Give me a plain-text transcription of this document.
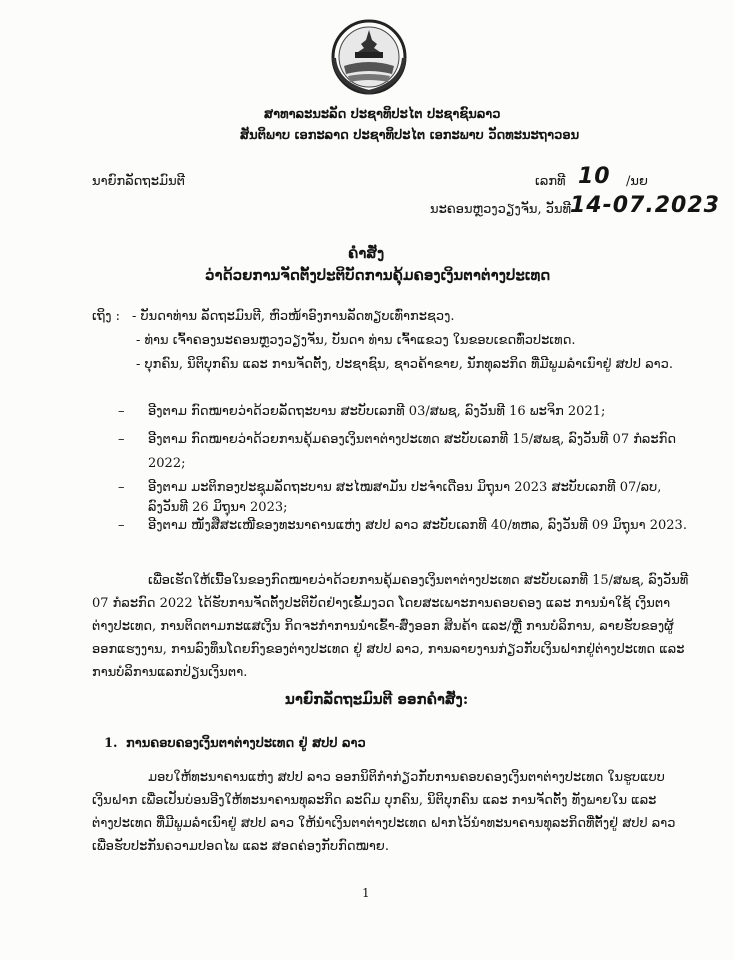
ສາທາລະນະລັດ ປະຊາທິປະໄຕ ປະຊາຊົນລາວ
ສັນຕິພາບ ເອກະລາດ ປະຊາທິປະໄຕ ເອກະພາບ ວັດທະນະຖາວອນ
ນາຍົກລັດຖະມົນຕີ	ເລກທີ 10 /ນຍ
ນະຄອນຫຼວງວຽງຈັນ, ວັນທີ
14-07.2023
ຄຳສັ່ງ
ວ່າດ້ວຍການຈັດຕັ້ງປະຕິບັດການຄຸ້ມຄອງເງິນຕາຕ່າງປະເທດ
ເຖິງ : - ບັນດາທ່ານ ລັດຖະມົນຕີ, ຫົວໜ້າອົງການລັດທຽບເທົ່າກະຊວງ.
- ທ່ານ ເຈົ້າຄອງນະຄອນຫຼວງວຽງຈັນ, ບັນດາ ທ່ານ ເຈົ້າແຂວງ ໃນຂອບເຂດທົ່ວປະເທດ.
- ບຸກຄົນ, ນິຕິບຸກຄົນ ແລະ ການຈັດຕັ້ງ, ປະຊາຊົນ, ຊາວຄ້າຂາຍ, ນັກທຸລະກິດ ທີ່ມີພູມລຳເນົາຢູ່ ສປປ ລາວ.
– ອີງຕາມ ກົດໝາຍວ່າດ້ວຍລັດຖະບານ ສະບັບເລກທີ 03/ສພຊ, ລົງວັນທີ 16 ພະຈິກ 2021;
– ອີງຕາມ ກົດໝາຍວ່າດ້ວຍການຄຸ້ມຄອງເງິນຕາຕ່າງປະເທດ ສະບັບເລກທີ 15/ສພຊ, ລົງວັນທີ 07 ກໍລະກົດ
2022;
– ອີງຕາມ ມະຕິກອງປະຊຸມລັດຖະບານ ສະໄໝສາມັນ ປະຈຳເດືອນ ມິຖຸນາ 2023 ສະບັບເລກທີ 07/ລບ,
ລົງວັນທີ 26 ມິຖຸນາ 2023;
– ອີງຕາມ ໜັງສືສະເໜີຂອງທະນາຄານແຫ່ງ ສປປ ລາວ ສະບັບເລກທີ 40/ທຫລ, ລົງວັນທີ 09 ມິຖຸນາ 2023.
ເພື່ອເຮັດໃຫ້ເນື້ອໃນຂອງກົດໝາຍວ່າດ້ວຍການຄຸ້ມຄອງເງິນຕາຕ່າງປະເທດ ສະບັບເລກທີ 15/ສພຊ, ລົງວັນທີ
07 ກໍລະກົດ 2022 ໄດ້ຮັບການຈັດຕັ້ງປະຕິບັດຢ່າງເຂັ້ມງວດ ໂດຍສະເພາະການຄອບຄອງ ແລະ ການນຳໃຊ້ ເງິນຕາ
ຕ່າງປະເທດ, ການຕິດຕາມກະແສເງິນ ກິດຈະກຳການນຳເຂົ້າ-ສົ່ງອອກ ສິນຄ້າ ແລະ/ຫຼື ການບໍລິການ, ລາຍຮັບຂອງຜູ້
ອອກແຮງງານ, ການລົງທຶນໂດຍກົງຂອງຕ່າງປະເທດ ຢູ່ ສປປ ລາວ, ການລາຍງານກ່ຽວກັບເງິນຝາກຢູ່ຕ່າງປະເທດ ແລະ
ການບໍລິການແລກປ່ຽນເງິນຕາ.
ນາຍົກລັດຖະມົນຕີ ອອກຄຳສັ່ງ:
1. ການຄອບຄອງເງິນຕາຕ່າງປະເທດ ຢູ່ ສປປ ລາວ
ມອບໃຫ້ທະນາຄານແຫ່ງ ສປປ ລາວ ອອກນິຕິກຳກ່ຽວກັບການຄອບຄອງເງິນຕາຕ່າງປະເທດ ໃນຮູບແບບ
ເງິນຝາກ ເພື່ອເປັນບ່ອນອີງໃຫ້ທະນາຄານທຸລະກິດ ລະດົມ ບຸກຄົນ, ນິຕິບຸກຄົນ ແລະ ການຈັດຕັ້ງ ທັງພາຍໃນ ແລະ
ຕ່າງປະເທດ ທີ່ມີພູມລຳເນົາຢູ່ ສປປ ລາວ ໃຫ້ນຳເງິນຕາຕ່າງປະເທດ ຝາກໄວ້ນຳທະນາຄານທຸລະກິດທີ່ຕັ້ງຢູ່ ສປປ ລາວ
ເພື່ອຮັບປະກັນຄວາມປອດໄພ ແລະ ສອດຄ່ອງກັບກົດໝາຍ.
1
